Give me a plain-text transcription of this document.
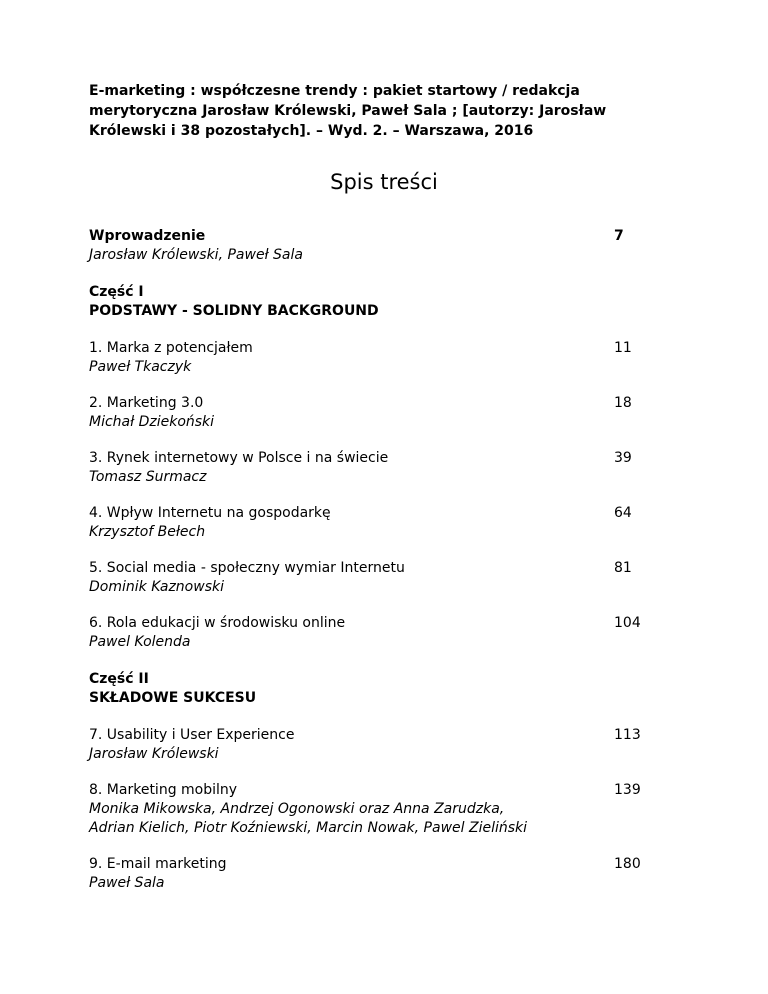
E-marketing : współczesne trendy : pakiet startowy / redakcja merytoryczna Jarosław Królewski, Paweł Sala ; [autorzy: Jarosław Królewski i 38 pozostałych]. – Wyd. 2. – Warszawa, 2016

Spis treści
Wprowadzenie
Jarosław Królewski, Paweł Sala
7
Część I
PODSTAWY - SOLIDNY BACKGROUND
1. Marka z potencjałem
Paweł Tkaczyk
11
2. Marketing 3.0
Michał Dziekoński
18
3. Rynek internetowy w Polsce i na świecie
Tomasz Surmacz
39
4. Wpływ Internetu na gospodarkę
Krzysztof Bełech
64
5. Social media - społeczny wymiar Internetu
Dominik Kaznowski
81
6. Rola edukacji w środowisku online
Pawel Kolenda
104
Część II
SKŁADOWE SUKCESU
7. Usability i User Experience
Jarosław Królewski
113
8. Marketing mobilny
Monika Mikowska, Andrzej Ogonowski oraz Anna Zarudzka,
Adrian Kielich, Piotr Koźniewski, Marcin Nowak, Pawel Zieliński
139
9. E-mail marketing
Paweł Sala
180
